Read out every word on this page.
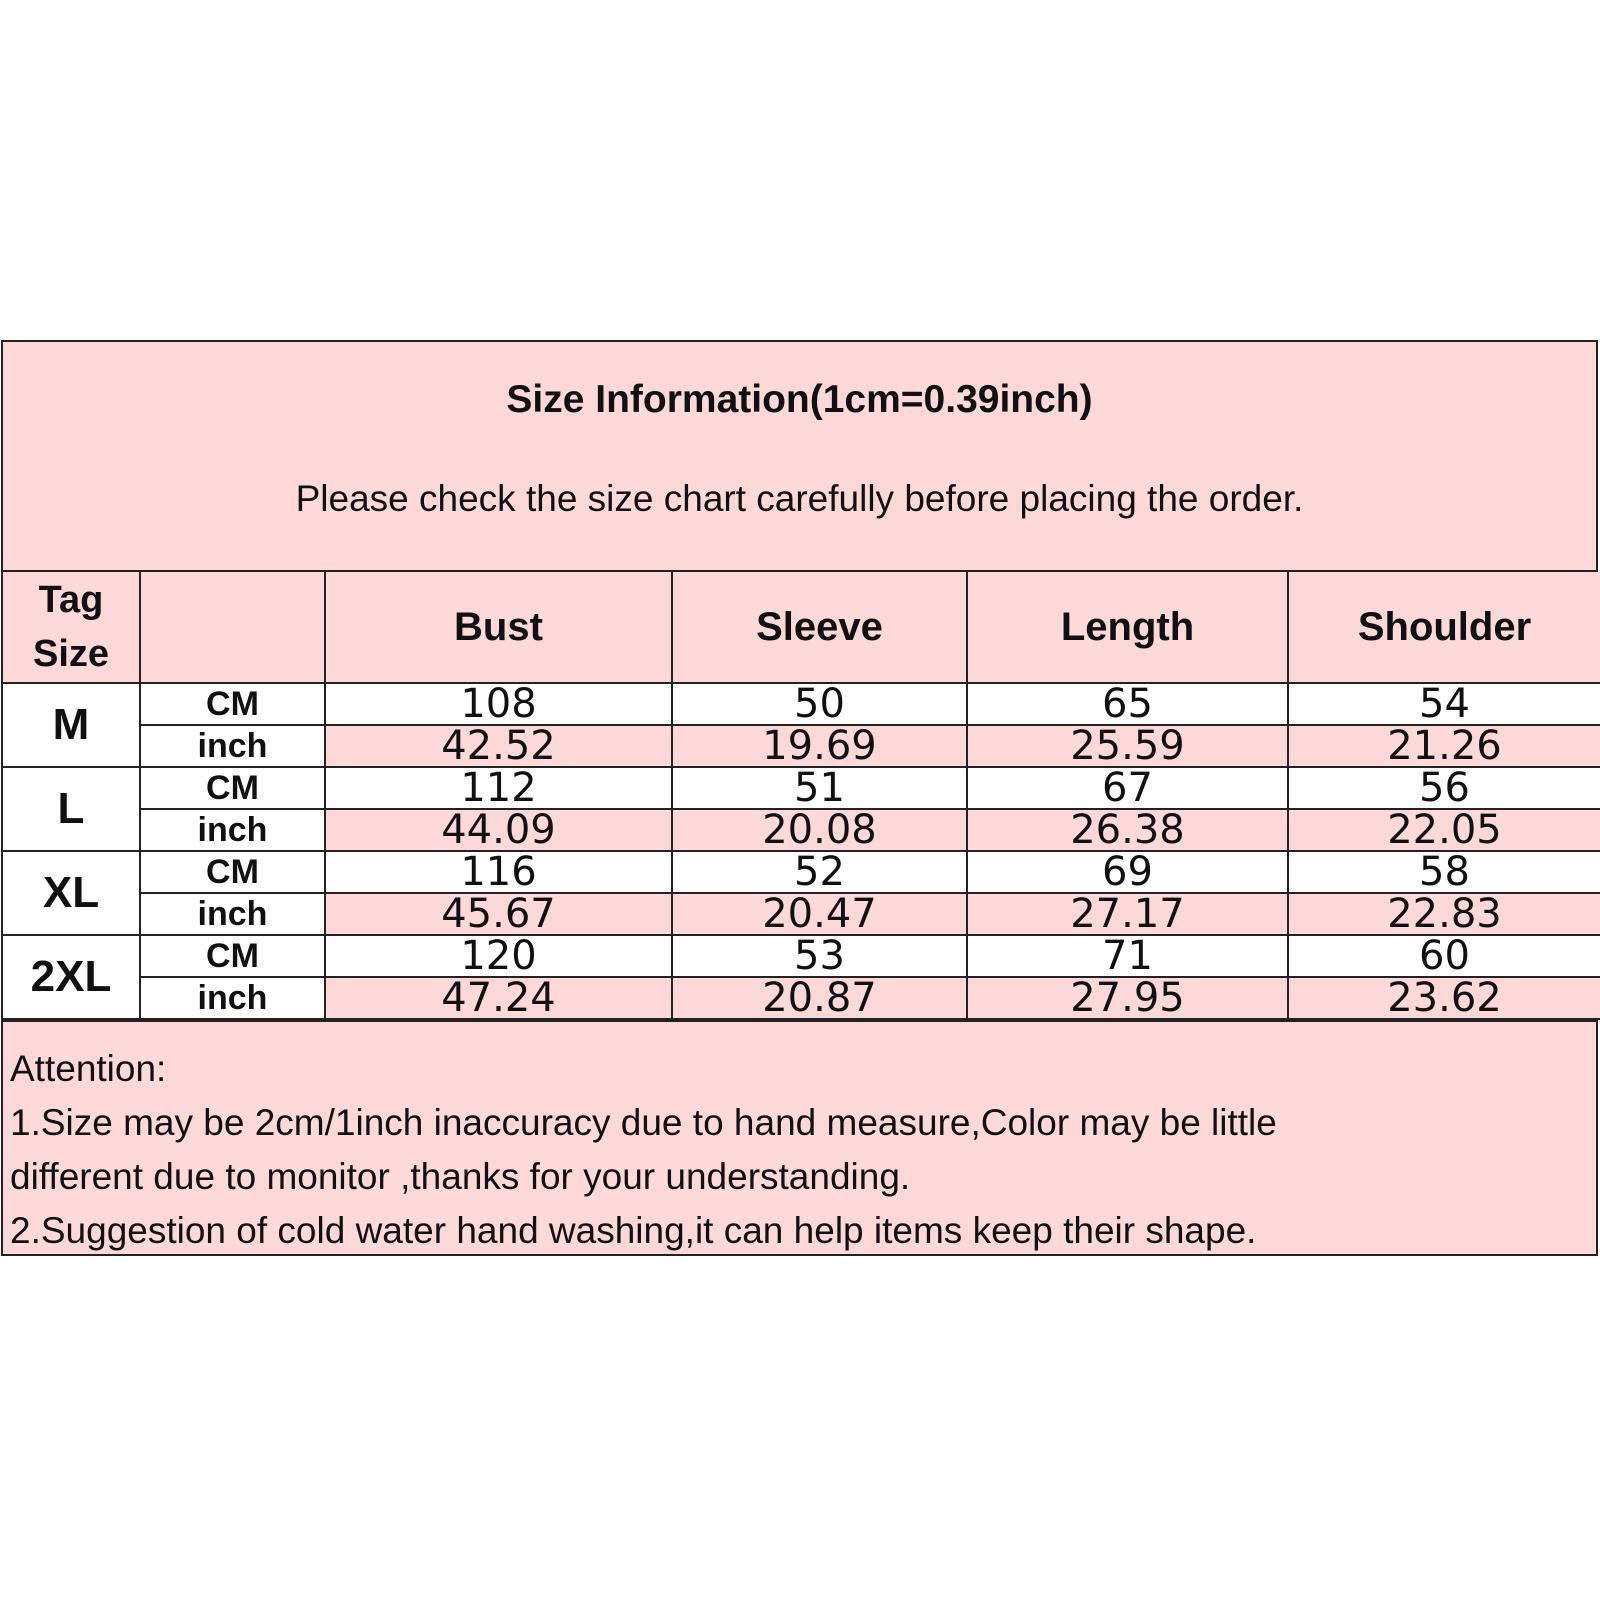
Size Information(1cm=0.39inch)
Please check the size chart carefully before placing the order.
Tag
Size		Bust	Sleeve	Length	Shoulder
M	CM	108	50	65	54
	inch	42.52	19.69	25.59	21.26
L	CM	112	51	67	56
	inch	44.09	20.08	26.38	22.05
XL	CM	116	52	69	58
	inch	45.67	20.47	27.17	22.83
2XL	CM	120	53	71	60
	inch	47.24	20.87	27.95	23.62
Attention:
1.Size may be 2cm/1inch inaccuracy due to hand measure,Color may be little
different due to monitor ,thanks for your understanding.
2.Suggestion of cold water hand washing,it can help items keep their shape.
